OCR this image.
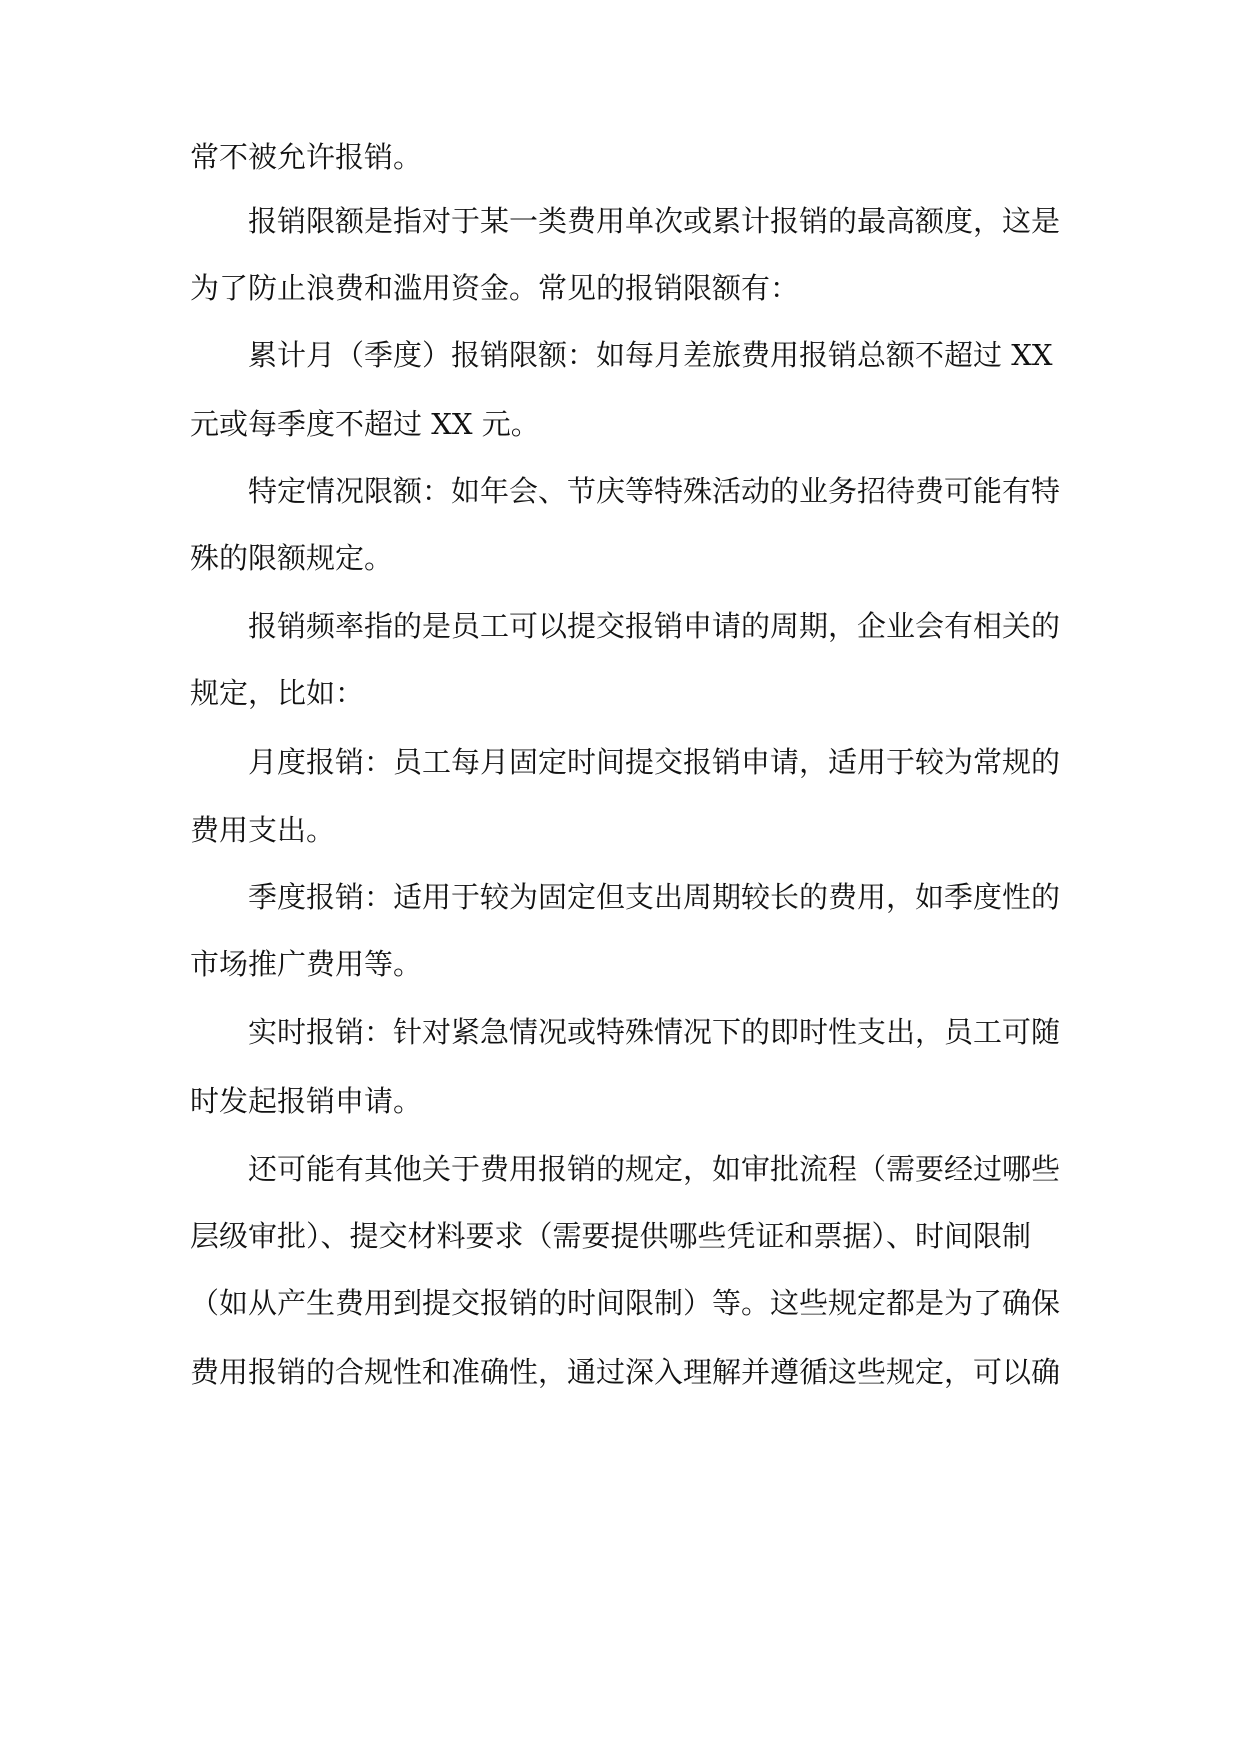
常不被允许报销。
报销限额是指对于某一类费用单次或累计报销的最高额度，这是
为了防止浪费和滥用资金。常见的报销限额有：
累计月（季度）报销限额：如每月差旅费用报销总额不超过 XX
元或每季度不超过 XX 元。
特定情况限额：如年会、节庆等特殊活动的业务招待费可能有特
殊的限额规定。
报销频率指的是员工可以提交报销申请的周期，企业会有相关的
规定，比如：
月度报销：员工每月固定时间提交报销申请，适用于较为常规的
费用支出。
季度报销：适用于较为固定但支出周期较长的费用，如季度性的
市场推广费用等。
实时报销：针对紧急情况或特殊情况下的即时性支出，员工可随
时发起报销申请。
还可能有其他关于费用报销的规定，如审批流程（需要经过哪些
层级审批）、提交材料要求（需要提供哪些凭证和票据）、时间限制
（如从产生费用到提交报销的时间限制）等。这些规定都是为了确保
费用报销的合规性和准确性，通过深入理解并遵循这些规定，可以确
